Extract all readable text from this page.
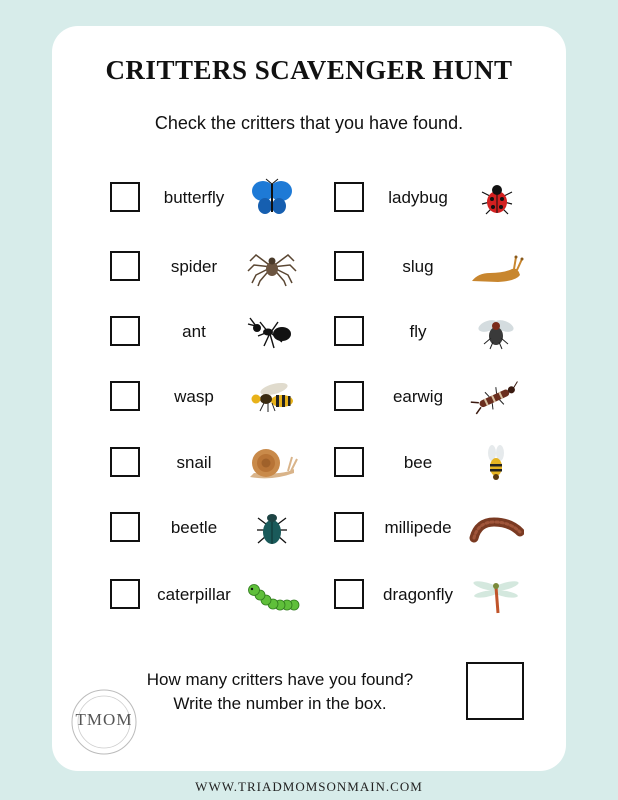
CRITTERS SCAVENGER HUNT
Check the critters that you have found.
butterfly
spider
ant
wasp
snail
beetle
caterpillar
ladybug
slug
fly
earwig
bee
millipede
dragonfly
How many critters have you found?
Write the number in the box.
TMOM
WWW.TRIADMOMSONMAIN.COM
